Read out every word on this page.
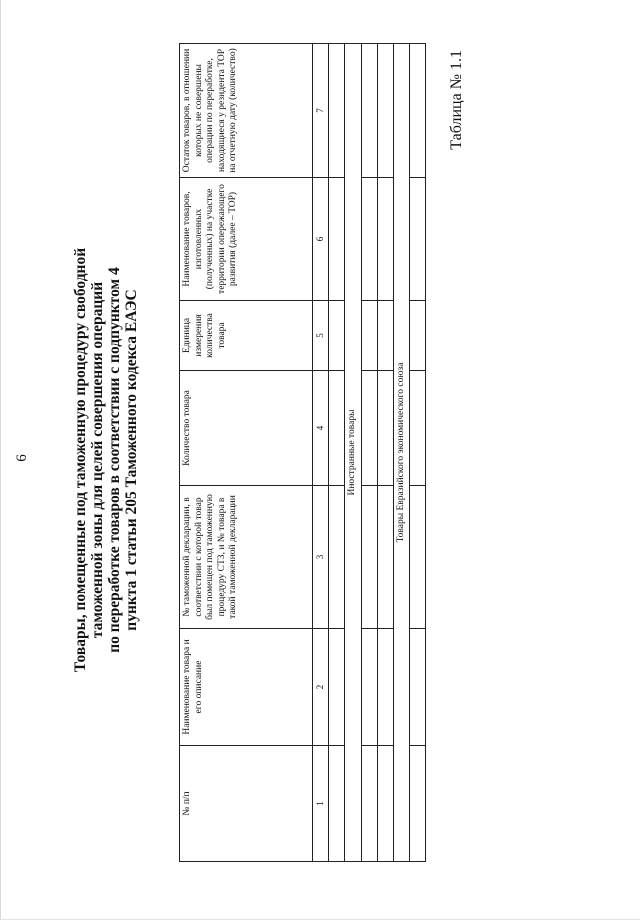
6	Товары, помещенные под таможенную процедуру свободной таможенной зоны для целей совершения операций по переработке товаров в соответствии с подпунктом 4 пункта 1 статьи 205 Таможенного кодекса ЕАЭС
Таблица № 1.1
№ п/п	Наименование товара и его описание	№ таможенной декларации, в соответствии с которой товар был помещен под таможенную процедуру СТЗ, и № товара в такой таможенной декларации	Количество товара	Единица измерения количества товара	Наименование товаров, изготовленных (полученных) на участке территории опережающего развития (далее – ТОР)	Остаток товаров, в отношении которых не совершены операции по переработке, находящиеся у резидента ТОР на отчетную дату (количество)
1	2	3	4	5	6	7

Иностранные товары						

Товары Евразийского экономического союза						
